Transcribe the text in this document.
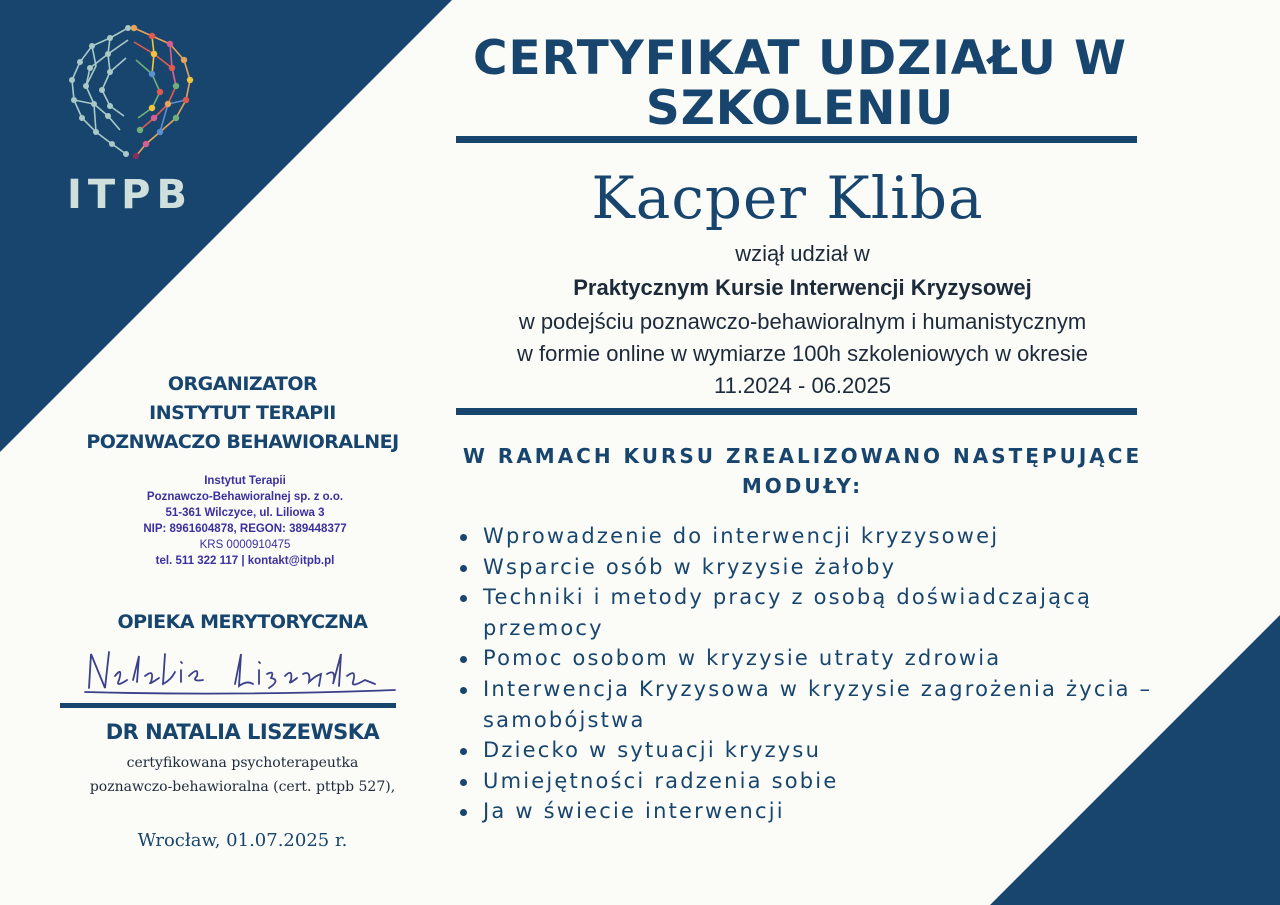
ITPB
CERTYFIKAT UDZIAŁU W SZKOLENIU
Kacper Kliba
wziął udział w
Praktycznym Kursie Interwencji Kryzysowej
w podejściu poznawczo-behawioralnym i humanistycznym
w formie online w wymiarze 100h szkoleniowych w okresie
11.2024 - 06.2025
W RAMACH KURSU ZREALIZOWANO NASTĘPUJĄCE MODUŁY:
Wprowadzenie do interwencji kryzysowej
Wsparcie osób w kryzysie żałoby
Techniki i metody pracy z osobą doświadczającą przemocy
Pomoc osobom w kryzysie utraty zdrowia
Interwencja Kryzysowa w kryzysie zagrożenia życia – samobójstwa
Dziecko w sytuacji kryzysu
Umiejętności radzenia sobie
Ja w świecie interwencji
ORGANIZATOR
INSTYTUT TERAPII
POZNWACZO BEHAWIORALNEJ
Instytut Terapii
Poznawczo-Behawioralnej sp. z o.o.
51-361 Wilczyce, ul. Liliowa 3
NIP: 8961604878, REGON: 389448377
KRS 0000910475
tel. 511 322 117 | kontakt@itpb.pl
OPIEKA MERYTORYCZNA
DR NATALIA LISZEWSKA
certyfikowana psychoterapeutka
poznawczo-behawioralna (cert. pttpb 527),
Wrocław, 01.07.2025 r.
